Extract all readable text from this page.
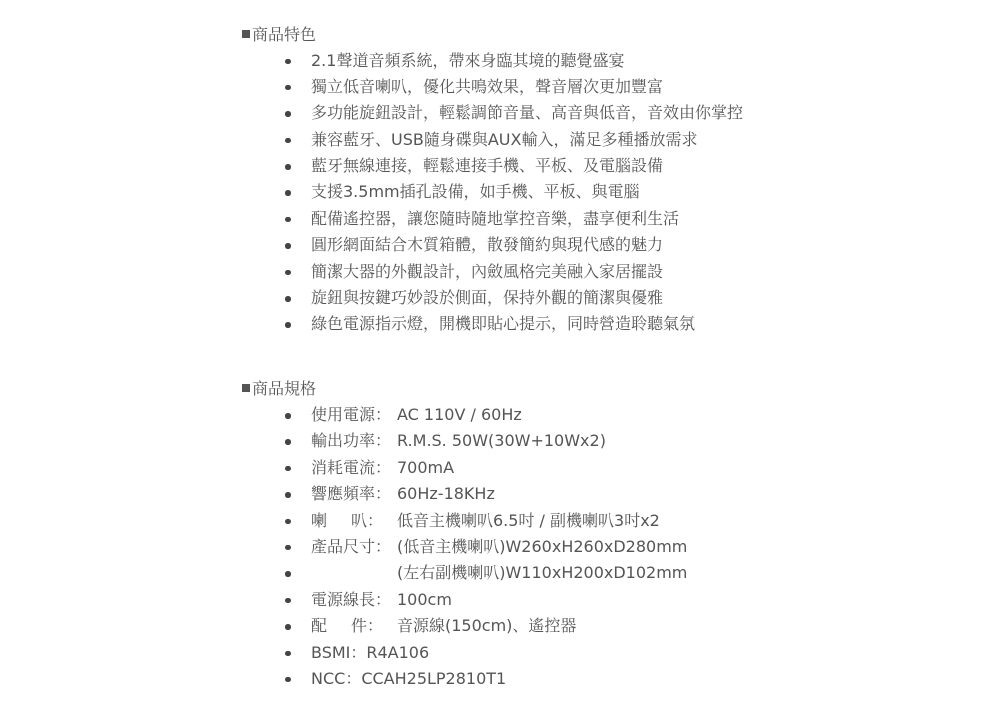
商品特色
2.1聲道音頻系統，帶來身臨其境的聽覺盛宴
獨立低音喇叭，優化共鳴效果，聲音層次更加豐富
多功能旋鈕設計，輕鬆調節音量、高音與低音，音效由你掌控
兼容藍牙、USB隨身碟與AUX輸入，滿足多種播放需求
藍牙無線連接，輕鬆連接手機、平板、及電腦設備
支援3.5mm插孔設備，如手機、平板、與電腦
配備遙控器，讓您隨時隨地掌控音樂，盡享便利生活
圓形網面結合木質箱體，散發簡約與現代感的魅力
簡潔大器的外觀設計，內斂風格完美融入家居擺設
旋鈕與按鍵巧妙設於側面，保持外觀的簡潔與優雅
綠色電源指示燈，開機即貼心提示，同時營造聆聽氣氛
商品規格
使用電源： AC 110V / 60Hz
輸出功率： R.M.S. 50W(30W+10Wx2)
消耗電流： 700mA
響應頻率： 60Hz-18KHz
喇 叭： 低音主機喇叭6.5吋 / 副機喇叭3吋x2
產品尺寸： (低音主機喇叭)W260xH260xD280mm
(左右副機喇叭)W110xH200xD102mm
電源線長： 100cm
配 件： 音源線(150cm)、遙控器
BSMI：R4A106
NCC：CCAH25LP2810T1
